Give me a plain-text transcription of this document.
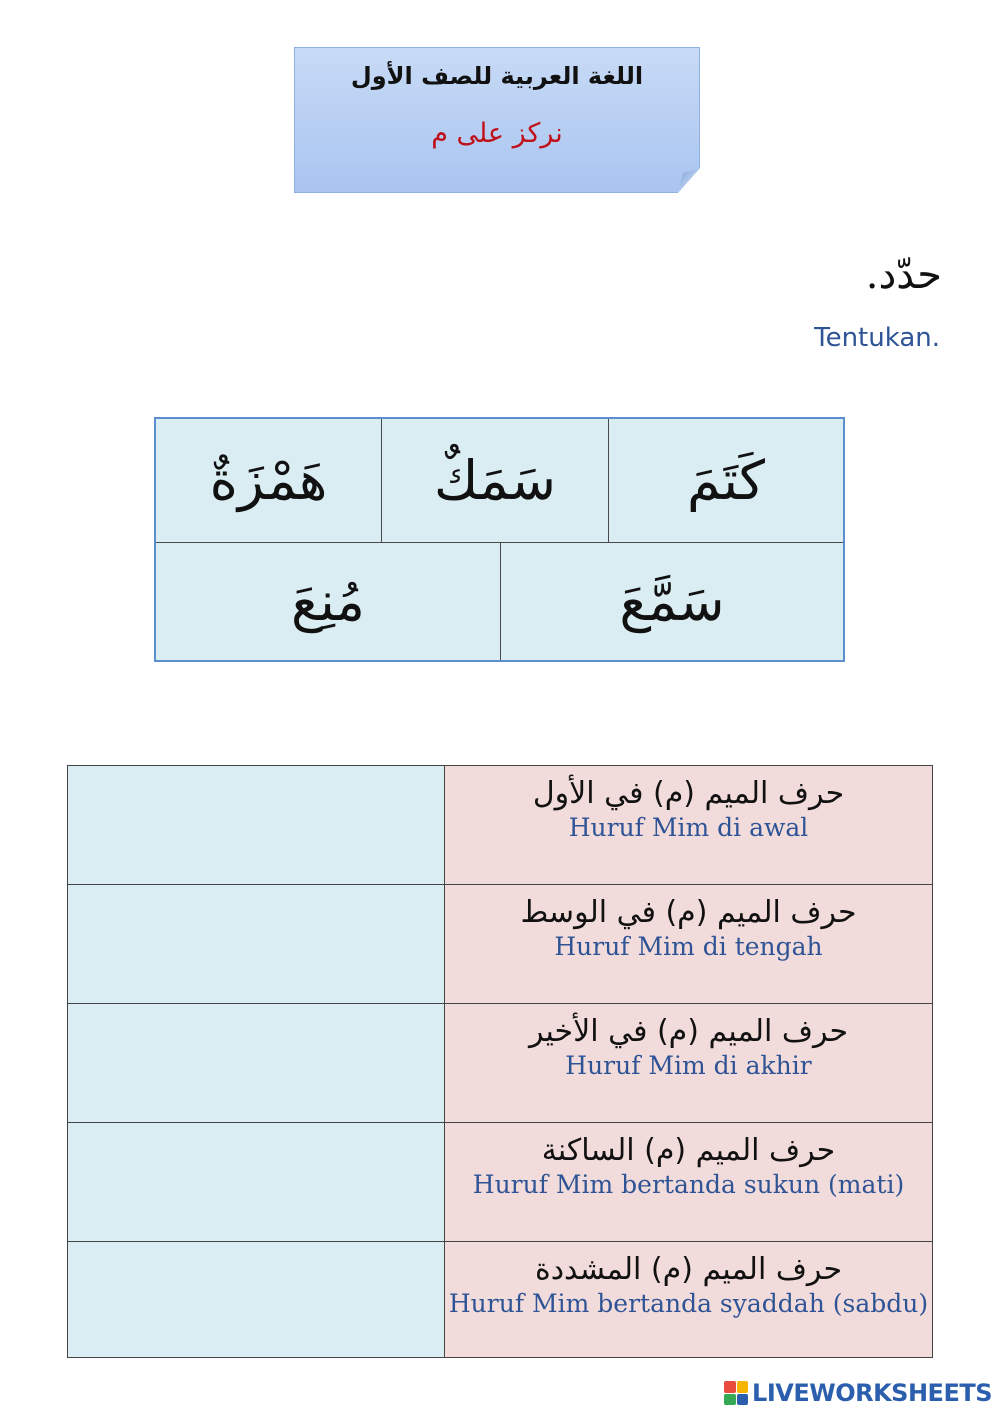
اللغة العربية للصف الأول
نركز على م
حدّد.
Tentukan.
كَتَمَ
سَمَكٌ
هَمْزَةٌ
سَمَّعَ
مُنِعَ
حرف الميم (م) في الأول
Huruf Mim di awal
حرف الميم (م) في الوسط
Huruf Mim di tengah
حرف الميم (م) في الأخير
Huruf Mim di akhir
حرف الميم (م) الساكنة
Huruf Mim bertanda sukun (mati)
حرف الميم (م) المشددة
Huruf Mim bertanda syaddah (sabdu)
LIVEWORKSHEETS
